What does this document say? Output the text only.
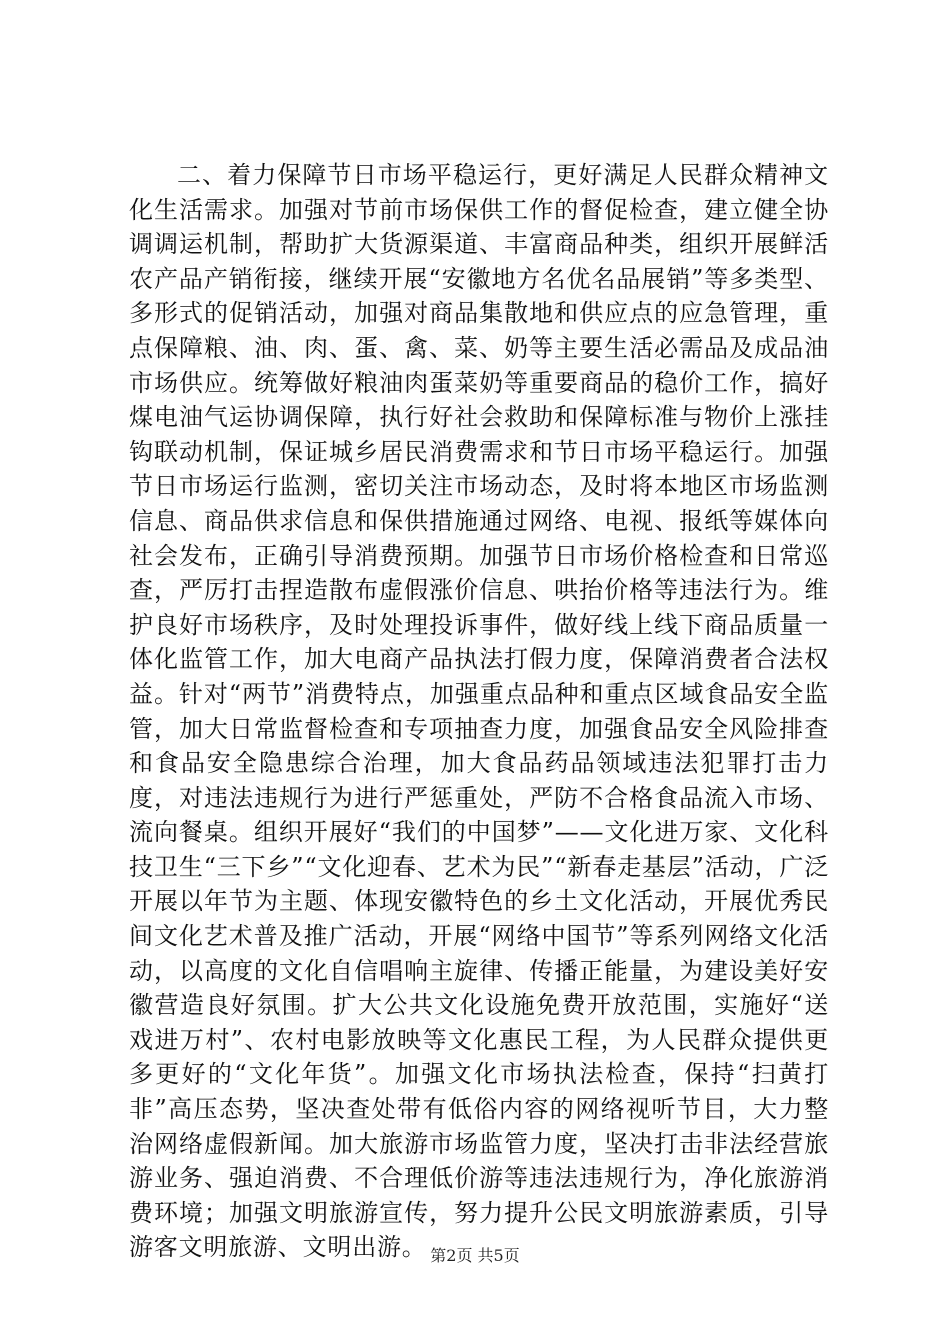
二、着力保障节日市场平稳运行，更好满足人民群众精神文化生活需求。加强对节前市场保供工作的督促检查，建立健全协调调运机制，帮助扩大货源渠道、丰富商品种类，组织开展鲜活农产品产销衔接，继续开展“安徽地方名优名品展销”等多类型、多形式的促销活动，加强对商品集散地和供应点的应急管理，重点保障粮、油、肉、蛋、禽、菜、奶等主要生活必需品及成品油市场供应。统筹做好粮油肉蛋菜奶等重要商品的稳价工作，搞好煤电油气运协调保障，执行好社会救助和保障标准与物价上涨挂钩联动机制，保证城乡居民消费需求和节日市场平稳运行。加强节日市场运行监测，密切关注市场动态，及时将本地区市场监测信息、商品供求信息和保供措施通过网络、电视、报纸等媒体向社会发布，正确引导消费预期。加强节日市场价格检查和日常巡查，严厉打击捏造散布虚假涨价信息、哄抬价格等违法行为。维护良好市场秩序，及时处理投诉事件，做好线上线下商品质量一体化监管工作，加大电商产品执法打假力度，保障消费者合法权益。针对“两节”消费特点，加强重点品种和重点区域食品安全监管，加大日常监督检查和专项抽查力度，加强食品安全风险排查和食品安全隐患综合治理，加大食品药品领域违法犯罪打击力度，对违法违规行为进行严惩重处，严防不合格食品流入市场、流向餐桌。组织开展好“我们的中国梦”——文化进万家、文化科技卫生“三下乡”“文化迎春、艺术为民”“新春走基层”活动，广泛开展以年节为主题、体现安徽特色的乡土文化活动，开展优秀民间文化艺术普及推广活动，开展“网络中国节”等系列网络文化活动，以高度的文化自信唱响主旋律、传播正能量，为建设美好安徽营造良好氛围。扩大公共文化设施免费开放范围，实施好“送戏进万村”、农村电影放映等文化惠民工程，为人民群众提供更多更好的“文化年货”。加强文化市场执法检查，保持“扫黄打非”高压态势，坚决查处带有低俗内容的网络视听节目，大力整治网络虚假新闻。加大旅游市场监管力度，坚决打击非法经营旅游业务、强迫消费、不合理低价游等违法违规行为，净化旅游消费环境；加强文明旅游宣传，努力提升公民文明旅游素质，引导游客文明旅游、文明出游。 第2页 共5页
